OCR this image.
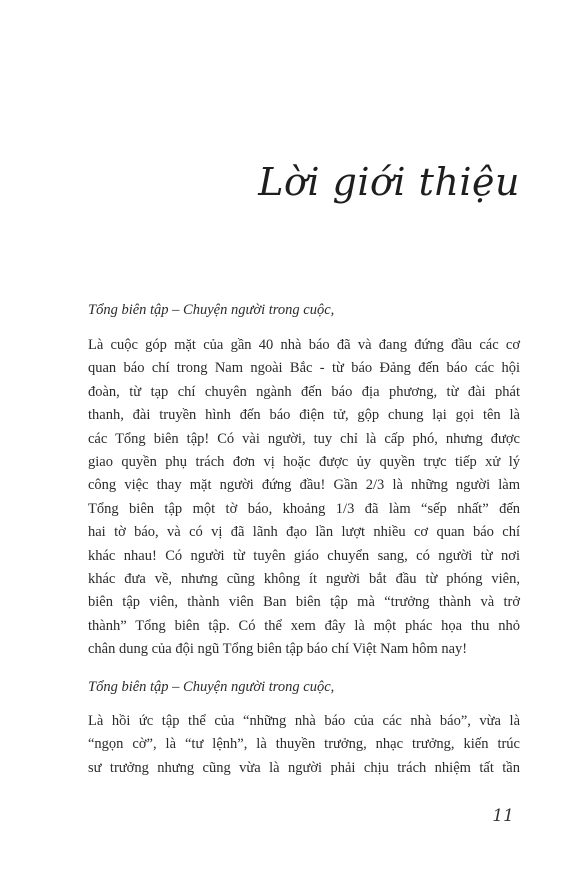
Lời giới thiệu

Tổng biên tập – Chuyện người trong cuộc,

Là cuộc góp mặt của gần 40 nhà báo đã và đang đứng đầu các cơ
quan báo chí trong Nam ngoài Bắc - từ báo Đảng đến báo các hội
đoàn, từ tạp chí chuyên ngành đến báo địa phương, từ đài phát
thanh, đài truyền hình đến báo điện tử, gộp chung lại gọi tên là
các Tổng biên tập! Có vài người, tuy chỉ là cấp phó, nhưng được
giao quyền phụ trách đơn vị hoặc được ủy quyền trực tiếp xử lý
công việc thay mặt người đứng đầu! Gần 2/3 là những người làm
Tổng biên tập một tờ báo, khoảng 1/3 đã làm “sếp nhất” đến
hai tờ báo, và có vị đã lãnh đạo lần lượt nhiều cơ quan báo chí
khác nhau! Có người từ tuyên giáo chuyển sang, có người từ nơi
khác đưa về, nhưng cũng không ít người bắt đầu từ phóng viên,
biên tập viên, thành viên Ban biên tập mà “trưởng thành và trở
thành” Tổng biên tập. Có thể xem đây là một phác họa thu nhỏ
chân dung của đội ngũ Tổng biên tập báo chí Việt Nam hôm nay!

Tổng biên tập – Chuyện người trong cuộc,

Là hồi ức tập thể của “những nhà báo của các nhà báo”, vừa là
“ngọn cờ”, là “tư lệnh”, là thuyền trưởng, nhạc trưởng, kiến trúc
sư trưởng nhưng cũng vừa là người phải chịu trách nhiệm tất tần

11
